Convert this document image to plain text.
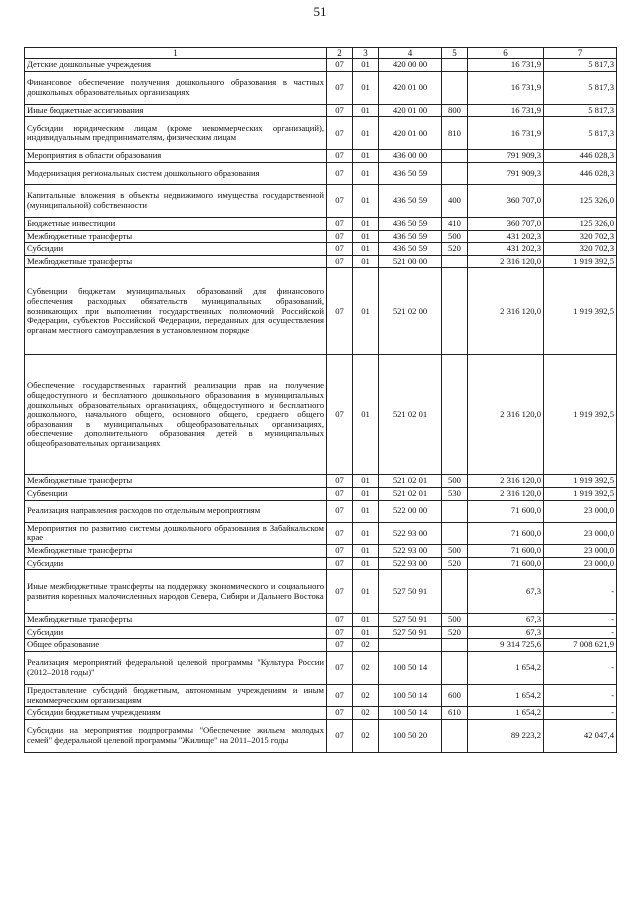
51
1	2	3	4	5	6	7
Детские дошкольные учреждения	07	01	420 00 00		16 731,9	5 817,3
Финансовое обеспечение получения дошкольного образования в частных дошкольных образовательных организациях	07	01	420 01 00		16 731,9	5 817,3
Иные бюджетные ассигнования	07	01	420 01 00	800	16 731,9	5 817,3
Субсидии юридическим лицам (кроме некоммерческих организаций), индивидуальным предпринимателям, физическим лицам	07	01	420 01 00	810	16 731,9	5 817,3
Мероприятия в области образования	07	01	436 00 00		791 909,3	446 028,3
Модернизация региональных систем дошкольного образования	07	01	436 50 59		791 909,3	446 028,3
Капитальные вложения в объекты недвижимого имущества государственной (муниципальной) собственности	07	01	436 50 59	400	360 707,0	125 326,0
Бюджетные инвестиции	07	01	436 50 59	410	360 707,0	125 326,0
Межбюджетные трансферты	07	01	436 50 59	500	431 202,3	320 702,3
Субсидии	07	01	436 50 59	520	431 202,3	320 702,3
Межбюджетные трансферты	07	01	521 00 00		2 316 120,0	1 919 392,5
Субвенции бюджетам муниципальных образований для финансового обеспечения расходных обязательств муниципальных образований, возникающих при выполнении государственных полномочий Российской Федерации, субъектов Российской Федерации, переданных для осуществления органам местного самоуправления в установленном порядке	07	01	521 02 00		2 316 120,0	1 919 392,5
Обеспечение государственных гарантий реализации прав на получение общедоступного и бесплатного дошкольного образования в муниципальных дошкольных образовательных организациях, общедоступного и бесплатного дошкольного, начального общего, основного общего, среднего общего образования в муниципальных общеобразовательных организациях, обеспечение дополнительного образования детей в муниципальных общеобразовательных организациях	07	01	521 02 01		2 316 120,0	1 919 392,5
Межбюджетные трансферты	07	01	521 02 01	500	2 316 120,0	1 919 392,5
Субвенции	07	01	521 02 01	530	2 316 120,0	1 919 392,5
Реализация направления расходов по отдельным мероприятиям	07	01	522 00 00		71 600,0	23 000,0
Мероприятия по развитию системы дошкольного образования в Забайкальском крае	07	01	522 93 00		71 600,0	23 000,0
Межбюджетные трансферты	07	01	522 93 00	500	71 600,0	23 000,0
Субсидии	07	01	522 93 00	520	71 600,0	23 000,0
Иные межбюджетные трансферты на поддержку экономического и социального развития коренных малочисленных народов Севера, Сибири и Дальнего Востока	07	01	527 50 91		67,3	-
Межбюджетные трансферты	07	01	527 50 91	500	67,3	-
Субсидии	07	01	527 50 91	520	67,3	-
Общее образование	07	02			9 314 725,6	7 008 621,9
Реализация мероприятий федеральной целевой программы "Культура России (2012–2018 годы)"	07	02	100 50 14		1 654,2	-
Предоставление субсидий бюджетным, автономным учреждениям и иным некоммерческим организациям	07	02	100 50 14	600	1 654,2	-
Субсидии бюджетным учреждениям	07	02	100 50 14	610	1 654,2	-
Субсидии на мероприятия подпрограммы "Обеспечение жильем молодых семей" федеральной целевой программы "Жилище" на 2011–2015 годы	07	02	100 50 20		89 223,2	42 047,4
